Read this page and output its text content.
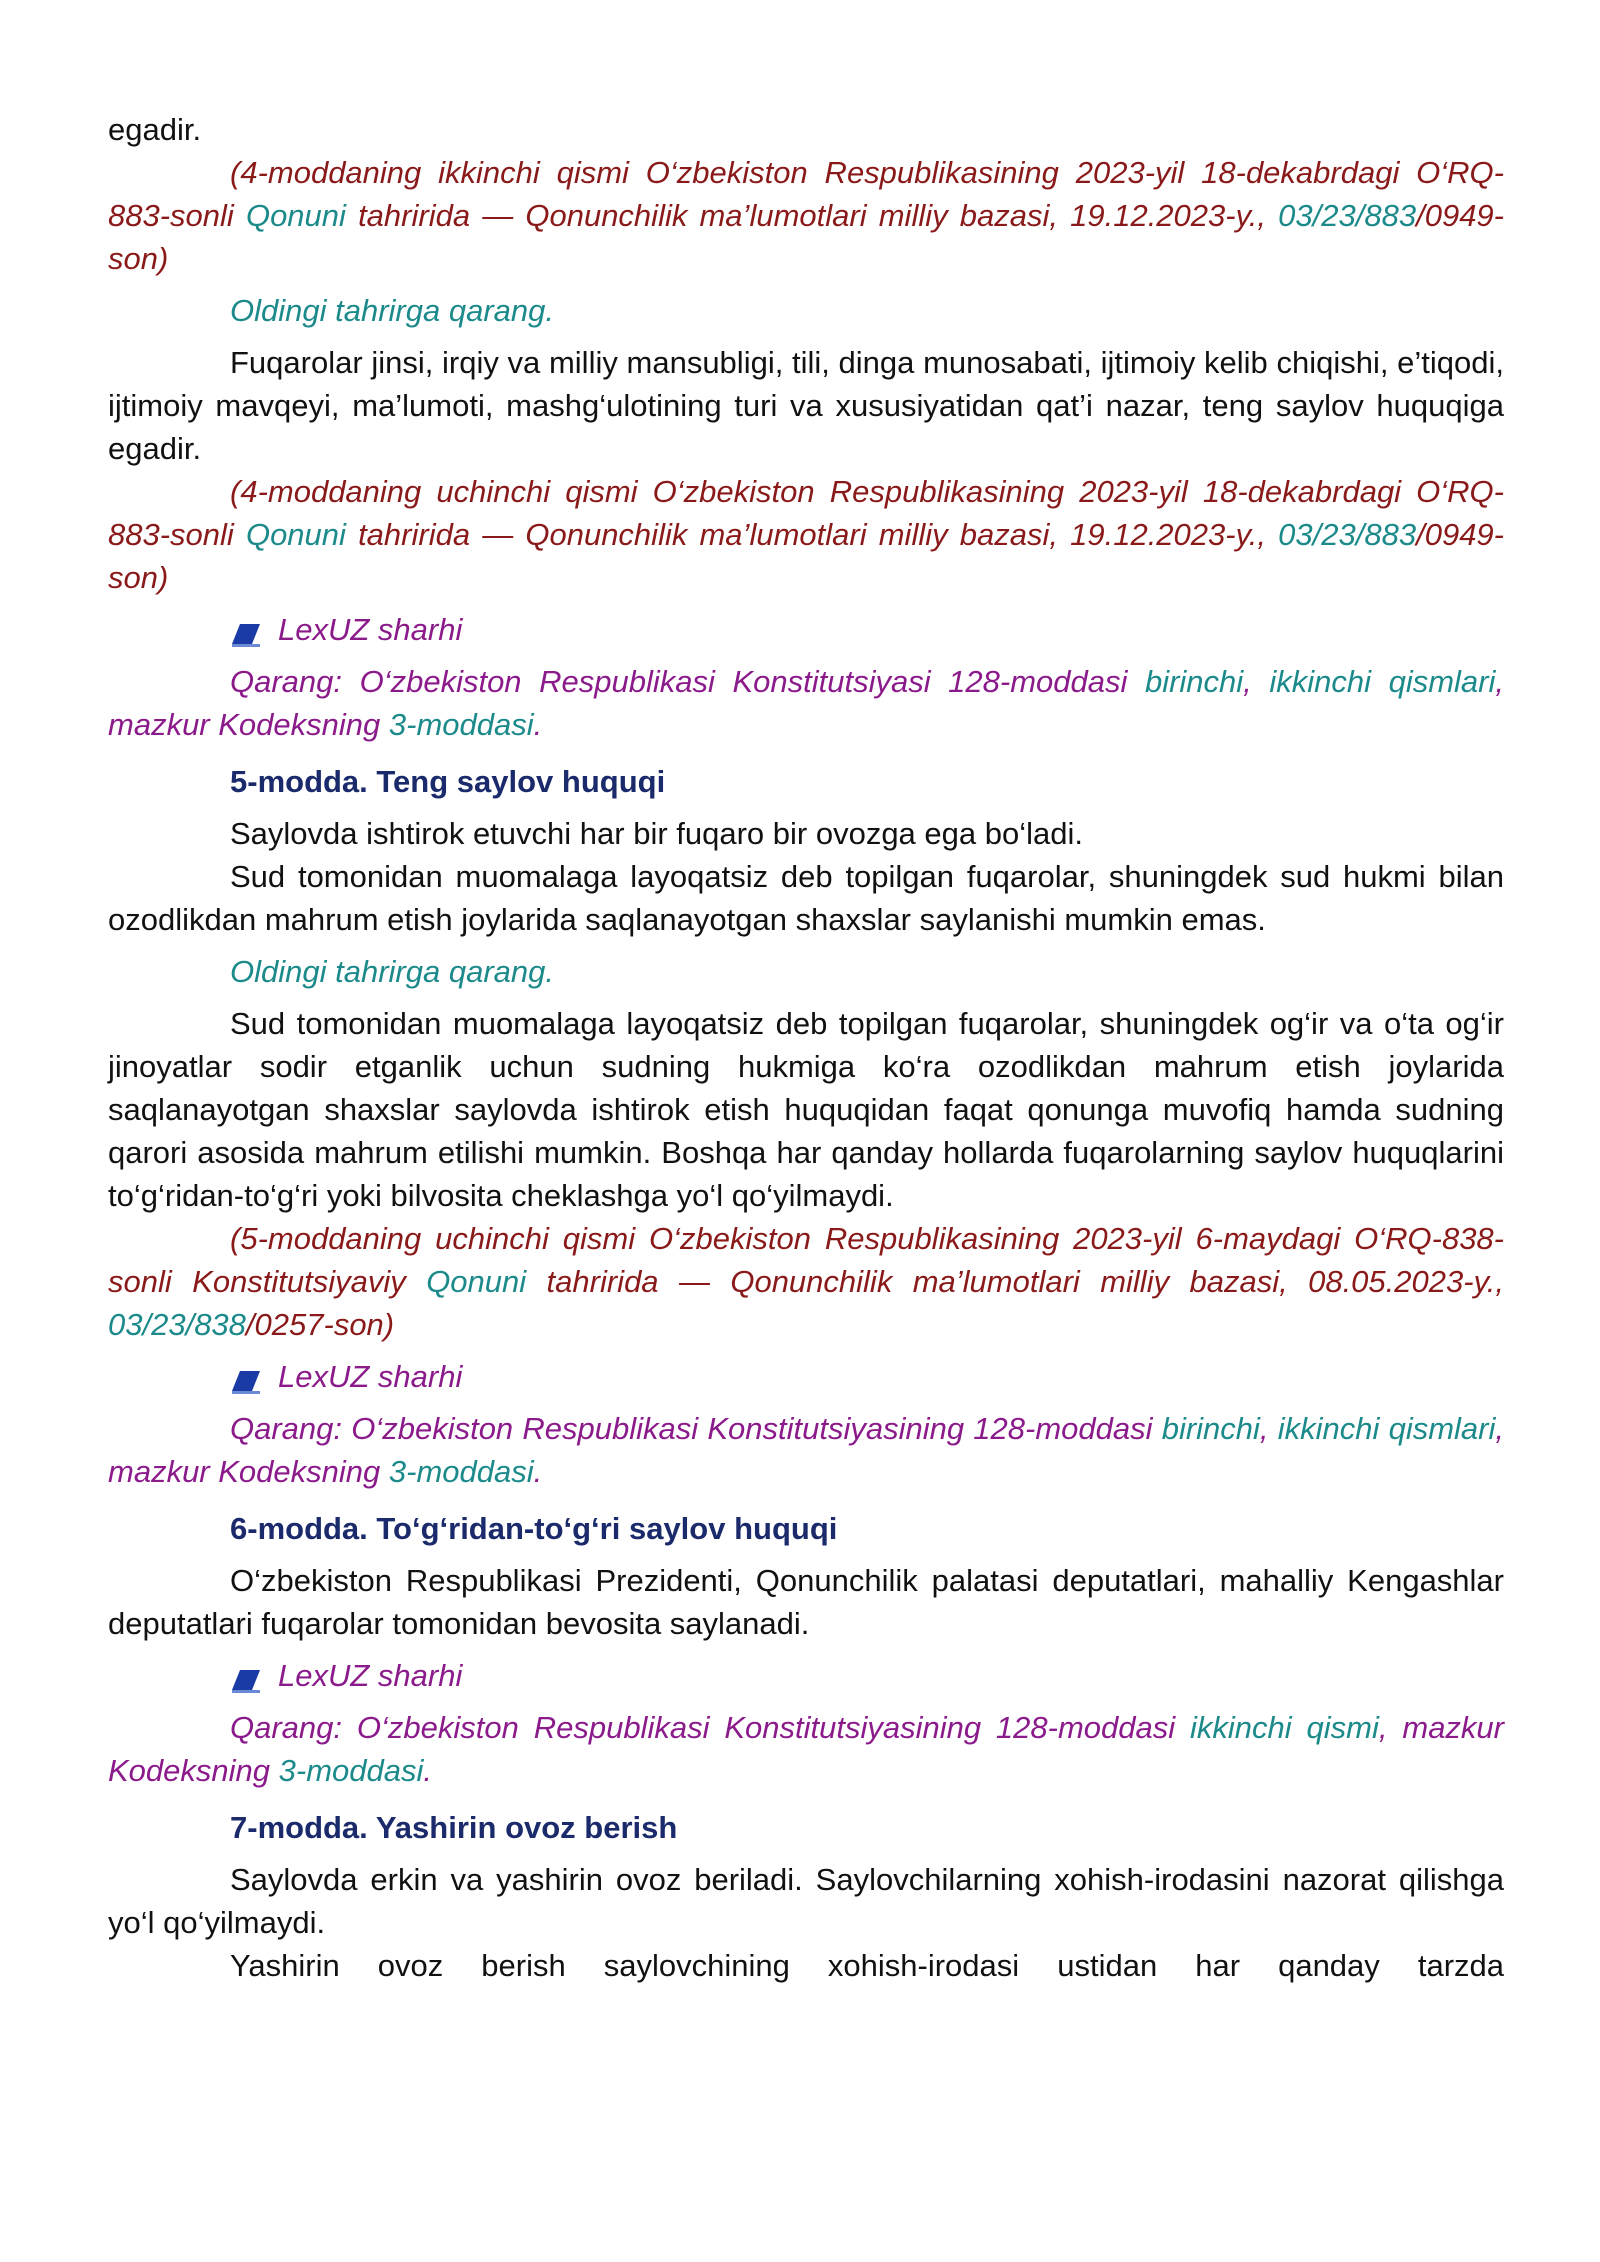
egadir.

(4-moddaning ikkinchi qismi O‘zbekiston Respublikasining 2023-yil 18-dekabrdagi O‘RQ-883-sonli Qonuni tahririda — Qonunchilik ma’lumotlari milliy bazasi, 19.12.2023-y., 03/23/883/0949-son)

Oldingi tahrirga qarang.

Fuqarolar jinsi, irqiy va milliy mansubligi, tili, dinga munosabati, ijtimoiy kelib chiqishi, e’tiqodi, ijtimoiy mavqeyi, ma’lumoti, mashg‘ulotining turi va xususiyatidan qat’i nazar, teng saylov huquqiga egadir.

(4-moddaning uchinchi qismi O‘zbekiston Respublikasining 2023-yil 18-dekabrdagi O‘RQ-883-sonli Qonuni tahririda — Qonunchilik ma’lumotlari milliy bazasi, 19.12.2023-y., 03/23/883/0949-son)

LexUZ sharhi

Qarang: O‘zbekiston Respublikasi Konstitutsiyasi 128-moddasi birinchi, ikkinchi qismlari, mazkur Kodeksning 3-moddasi.

5-modda. Teng saylov huquqi

Saylovda ishtirok etuvchi har bir fuqaro bir ovozga ega bo‘ladi.

Sud tomonidan muomalaga layoqatsiz deb topilgan fuqarolar, shuningdek sud hukmi bilan ozodlikdan mahrum etish joylarida saqlanayotgan shaxslar saylanishi mumkin emas.

Oldingi tahrirga qarang.

Sud tomonidan muomalaga layoqatsiz deb topilgan fuqarolar, shuningdek og‘ir va o‘ta og‘ir jinoyatlar sodir etganlik uchun sudning hukmiga ko‘ra ozodlikdan mahrum etish joylarida saqlanayotgan shaxslar saylovda ishtirok etish huquqidan faqat qonunga muvofiq hamda sudning qarori asosida mahrum etilishi mumkin. Boshqa har qanday hollarda fuqarolarning saylov huquqlarini to‘g‘ridan-to‘g‘ri yoki bilvosita cheklashga yo‘l qo‘yilmaydi.

(5-moddaning uchinchi qismi O‘zbekiston Respublikasining 2023-yil 6-maydagi O‘RQ-838-sonli Konstitutsiyaviy Qonuni tahririda — Qonunchilik ma’lumotlari milliy bazasi, 08.05.2023-y., 03/23/838/0257-son)

LexUZ sharhi

Qarang: O‘zbekiston Respublikasi Konstitutsiyasining 128-moddasi birinchi, ikkinchi qismlari, mazkur Kodeksning 3-moddasi.

6-modda. To‘g‘ridan-to‘g‘ri saylov huquqi

O‘zbekiston Respublikasi Prezidenti, Qonunchilik palatasi deputatlari, mahalliy Kengashlar deputatlari fuqarolar tomonidan bevosita saylanadi.

LexUZ sharhi

Qarang: O‘zbekiston Respublikasi Konstitutsiyasining 128-moddasi ikkinchi qismi, mazkur Kodeksning 3-moddasi.

7-modda. Yashirin ovoz berish

Saylovda erkin va yashirin ovoz beriladi. Saylovchilarning xohish-irodasini nazorat qilishga yo‘l qo‘yilmaydi.

Yashirin ovoz berish saylovchining xohish-irodasi ustidan har qanday tarzda
